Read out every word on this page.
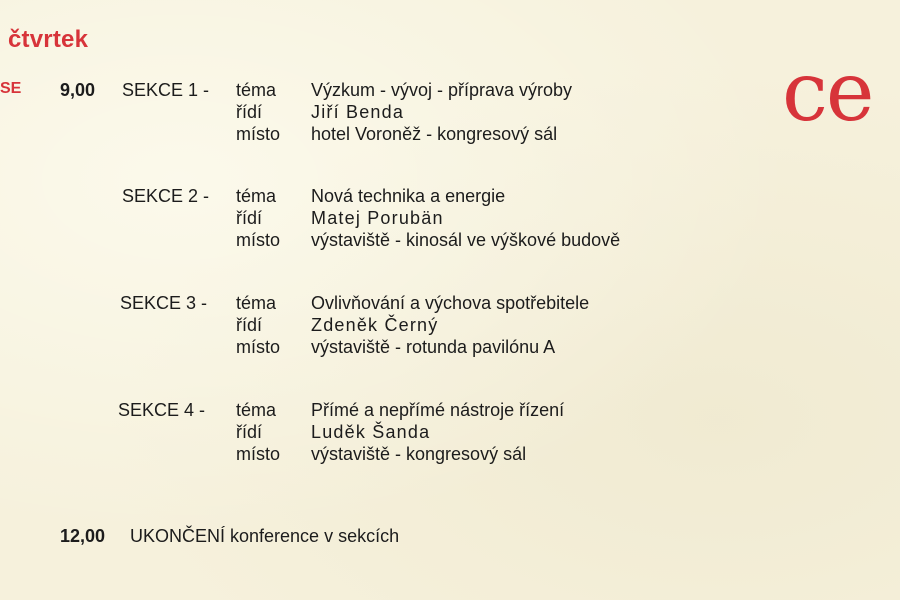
čtvrtek
SE	ce
9,00 SEKCE 1 - téma Výzkum - vývoj - příprava výroby
řídí	Jiří Benda
místo hotel Voroněž - kongresový sál
SEKCE 2 - téma Nová technika a energie
řídí	Matej Porubän
místo výstaviště - kinosál ve výškové budově
SEKCE 3 - téma Ovlivňování a výchova spotřebitele
řídí	Zdeněk Černý
místo výstaviště - rotunda pavilónu A
SEKCE 4 - téma Přímé a nepřímé nástroje řízení
řídí	Luděk Šanda
místo výstaviště - kongresový sál
12,00 UKONČENÍ konference v sekcích
